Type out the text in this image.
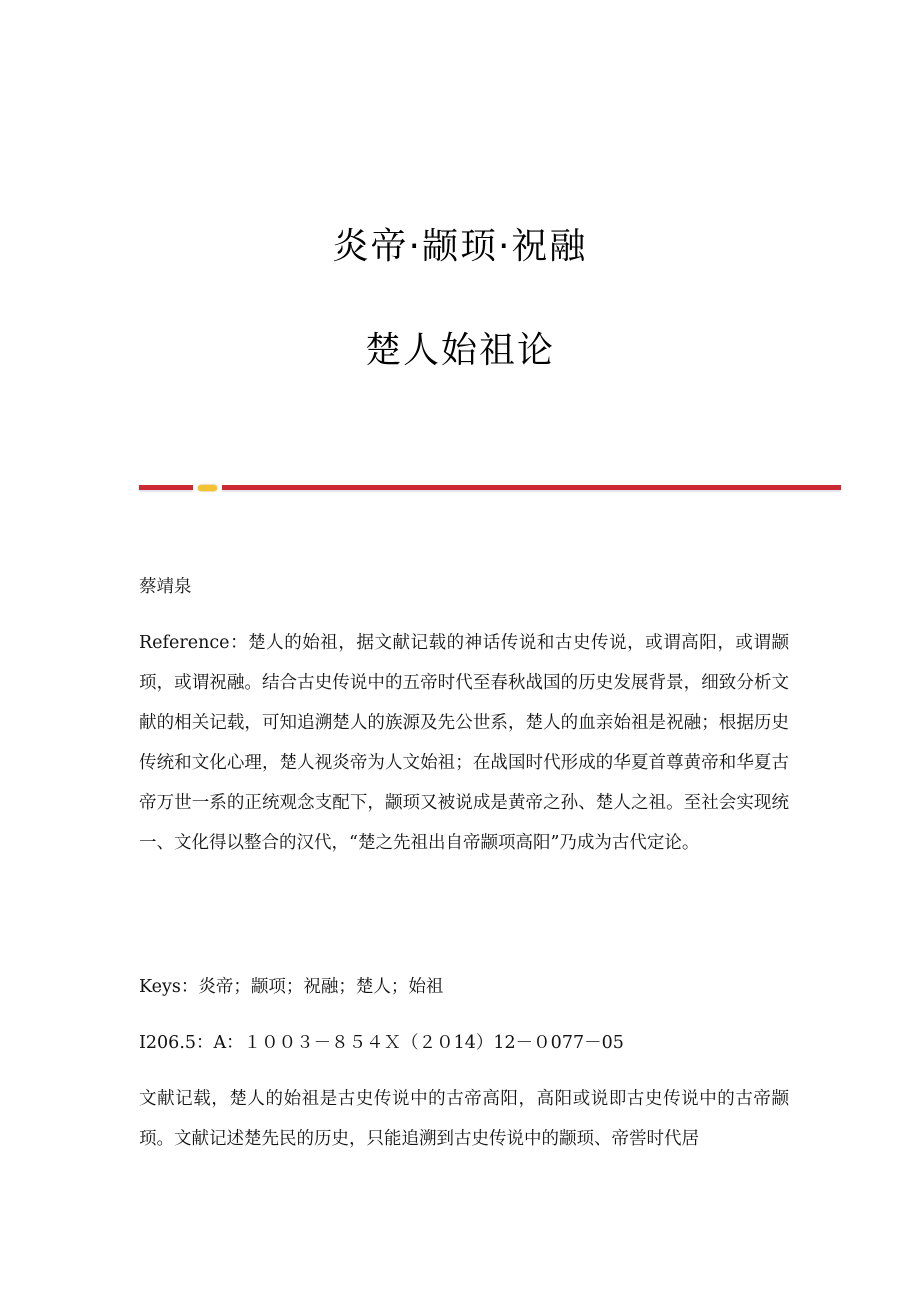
炎帝·颛顼·祝融
楚人始祖论
蔡靖泉
Reference：楚人的始祖，据文献记载的神话传说和古史传说，或谓高阳，或谓颛顼，或谓祝融。结合古史传说中的五帝时代至春秋战国的历史发展背景，细致分析文献的相关记载，可知追溯楚人的族源及先公世系，楚人的血亲始祖是祝融；根据历史传统和文化心理，楚人视炎帝为人文始祖；在战国时代形成的华夏首尊黄帝和华夏古帝万世一系的正统观念支配下，颛顼又被说成是黄帝之孙、楚人之祖。至社会实现统一、文化得以整合的汉代，“楚之先祖出自帝颛项高阳”乃成为古代定论。
Keys：炎帝；颛项；祝融；楚人；始祖
I206.5：A：１００３－８５４Ｘ（２０14）12－０077－05
文献记载，楚人的始祖是古史传说中的古帝高阳，高阳或说即古史传说中的古帝颛顼。文献记述楚先民的历史，只能追溯到古史传说中的颛顼、帝喾时代居
